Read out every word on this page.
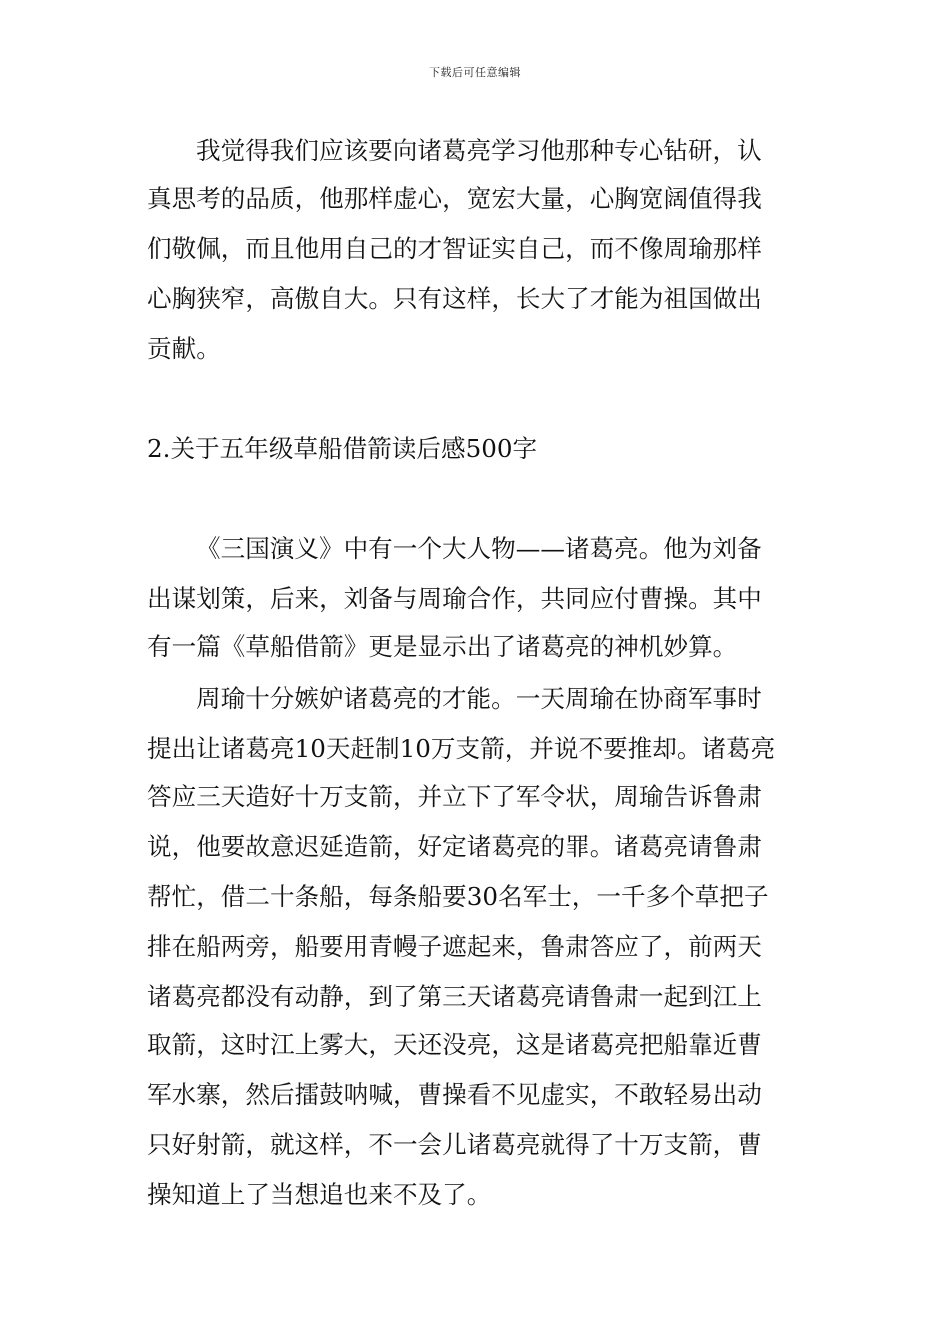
下载后可任意编辑
我觉得我们应该要向诸葛亮学习他那种专心钻研，认
真思考的品质，他那样虚心，宽宏大量，心胸宽阔值得我
们敬佩，而且他用自己的才智证实自己，而不像周瑜那样
心胸狭窄，高傲自大。只有这样，长大了才能为祖国做出
贡献。
2.关于五年级草船借箭读后感500字
《三国演义》中有一个大人物——诸葛亮。他为刘备
出谋划策，后来，刘备与周瑜合作，共同应付曹操。其中
有一篇《草船借箭》更是显示出了诸葛亮的神机妙算。
周瑜十分嫉妒诸葛亮的才能。一天周瑜在协商军事时
提出让诸葛亮10天赶制10万支箭，并说不要推却。诸葛亮
答应三天造好十万支箭，并立下了军令状，周瑜告诉鲁肃
说，他要故意迟延造箭，好定诸葛亮的罪。诸葛亮请鲁肃
帮忙，借二十条船，每条船要30名军士，一千多个草把子
排在船两旁，船要用青幔子遮起来，鲁肃答应了，前两天
诸葛亮都没有动静，到了第三天诸葛亮请鲁肃一起到江上
取箭，这时江上雾大，天还没亮，这是诸葛亮把船靠近曹
军水寨，然后擂鼓呐喊，曹操看不见虚实，不敢轻易出动
只好射箭，就这样，不一会儿诸葛亮就得了十万支箭，曹
操知道上了当想追也来不及了。
